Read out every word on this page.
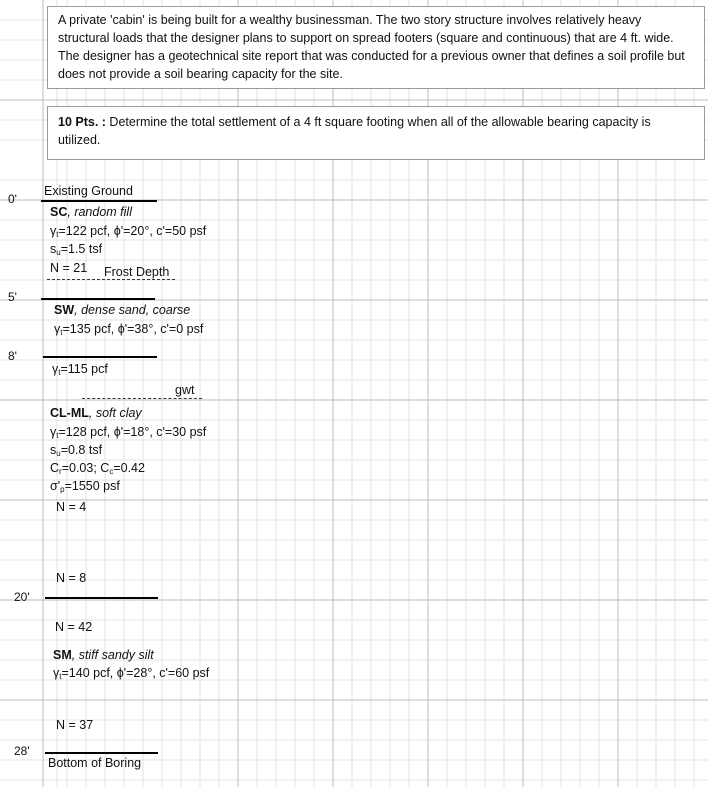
A private 'cabin' is being built for a wealthy businessman. The two story structure involves relatively heavy structural loads that the designer plans to support on spread footers (square and continuous) that are 4 ft. wide. The designer has a geotechnical site report that was conducted for a previous owner that defines a soil profile but does not provide a soil bearing capacity for the site.
10 Pts. : Determine the total settlement of a 4 ft square footing when all of the allowable bearing capacity is utilized.
0'
5'
8'
20'
28'
Existing Ground
SC, random fill
$\gamma_t=122$ pcf, ϕ'=20°, c'=50 psf
$s_u=1.5$ tsf
N = 21 Frost Depth
SW, dense sand, coarse
$\gamma_t=135$ pcf, ϕ'=38°, c'=0 psf
$\gamma_t=115$ pcf
gwt
CL-ML, soft clay
$\gamma_t=128$ pcf, ϕ'=18°, c'=30 psf
$s_u=0.8$ tsf
$C_r=0.03$; $C_c=0.42$
$\sigma'_p=1550$ psf
N = 4
N = 8
N = 42
SM, stiff sandy silt
$\gamma_t=140$ pcf, ϕ'=28°, c'=60 psf
N = 37
Bottom of Boring
